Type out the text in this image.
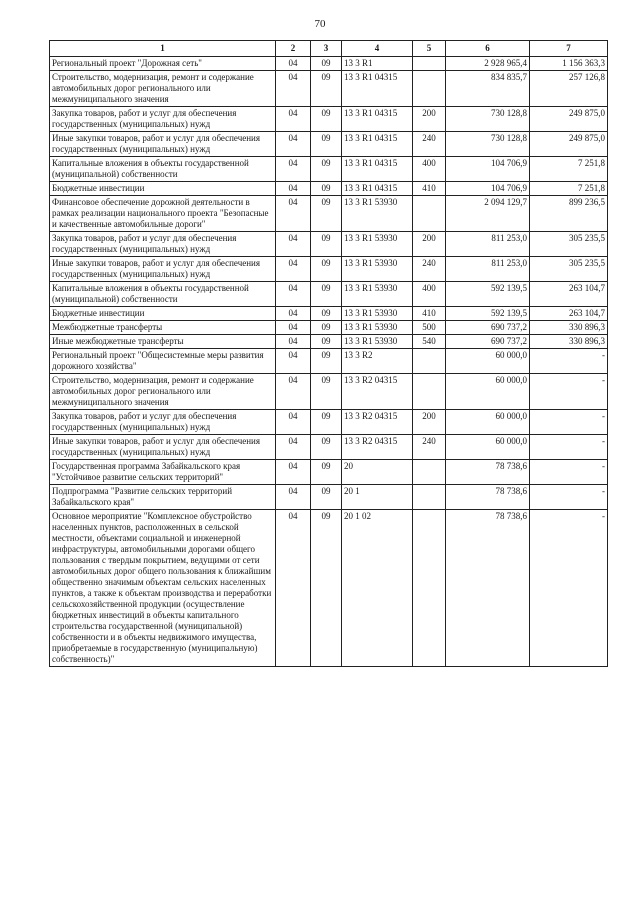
70
1	2	3	4	5	6	7
Региональный проект "Дорожная сеть"	04	09	13 3 R1		2 928 965,4	1 156 363,3
Строительство, модернизация, ремонт и содержание автомобильных дорог регионального или межмуниципального значения	04	09	13 3 R1 04315		834 835,7	257 126,8
Закупка товаров, работ и услуг для обеспечения государственных (муниципальных) нужд	04	09	13 3 R1 04315	200	730 128,8	249 875,0
Иные закупки товаров, работ и услуг для обеспечения государственных (муниципальных) нужд	04	09	13 3 R1 04315	240	730 128,8	249 875,0
Капитальные вложения в объекты государственной (муниципальной) собственности	04	09	13 3 R1 04315	400	104 706,9	7 251,8
Бюджетные инвестиции	04	09	13 3 R1 04315	410	104 706,9	7 251,8
Финансовое обеспечение дорожной деятельности в рамках реализации национального проекта "Безопасные и качественные автомобильные дороги"	04	09	13 3 R1 53930		2 094 129,7	899 236,5
Закупка товаров, работ и услуг для обеспечения государственных (муниципальных) нужд	04	09	13 3 R1 53930	200	811 253,0	305 235,5
Иные закупки товаров, работ и услуг для обеспечения государственных (муниципальных) нужд	04	09	13 3 R1 53930	240	811 253,0	305 235,5
Капитальные вложения в объекты государственной (муниципальной) собственности	04	09	13 3 R1 53930	400	592 139,5	263 104,7
Бюджетные инвестиции	04	09	13 3 R1 53930	410	592 139,5	263 104,7
Межбюджетные трансферты	04	09	13 3 R1 53930	500	690 737,2	330 896,3
Иные межбюджетные трансферты	04	09	13 3 R1 53930	540	690 737,2	330 896,3
Региональный проект "Общесистемные меры развития дорожного хозяйства"	04	09	13 3 R2		60 000,0	-
Строительство, модернизация, ремонт и содержание автомобильных дорог регионального или межмуниципального значения	04	09	13 3 R2 04315		60 000,0	-
Закупка товаров, работ и услуг для обеспечения государственных (муниципальных) нужд	04	09	13 3 R2 04315	200	60 000,0	-
Иные закупки товаров, работ и услуг для обеспечения государственных (муниципальных) нужд	04	09	13 3 R2 04315	240	60 000,0	-
Государственная программа Забайкальского края "Устойчивое развитие сельских территорий"	04	09	20		78 738,6	-
Подпрограмма "Развитие сельских территорий Забайкальского края"	04	09	20 1		78 738,6	-
Основное мероприятие "Комплексное обустройство населенных пунктов, расположенных в сельской местности, объектами социальной и инженерной инфраструктуры, автомобильными дорогами общего пользования с твердым покрытием, ведущими от сети автомобильных дорог общего пользования к ближайшим общественно значимым объектам сельских населенных пунктов, а также к объектам производства и переработки сельскохозяйственной продукции (осуществление бюджетных инвестиций в объекты капитального строительства государственной (муниципальной) собственности и в объекты недвижимого имущества, приобретаемые в государственную (муниципальную) собственность)"	04	09	20 1 02		78 738,6	-
